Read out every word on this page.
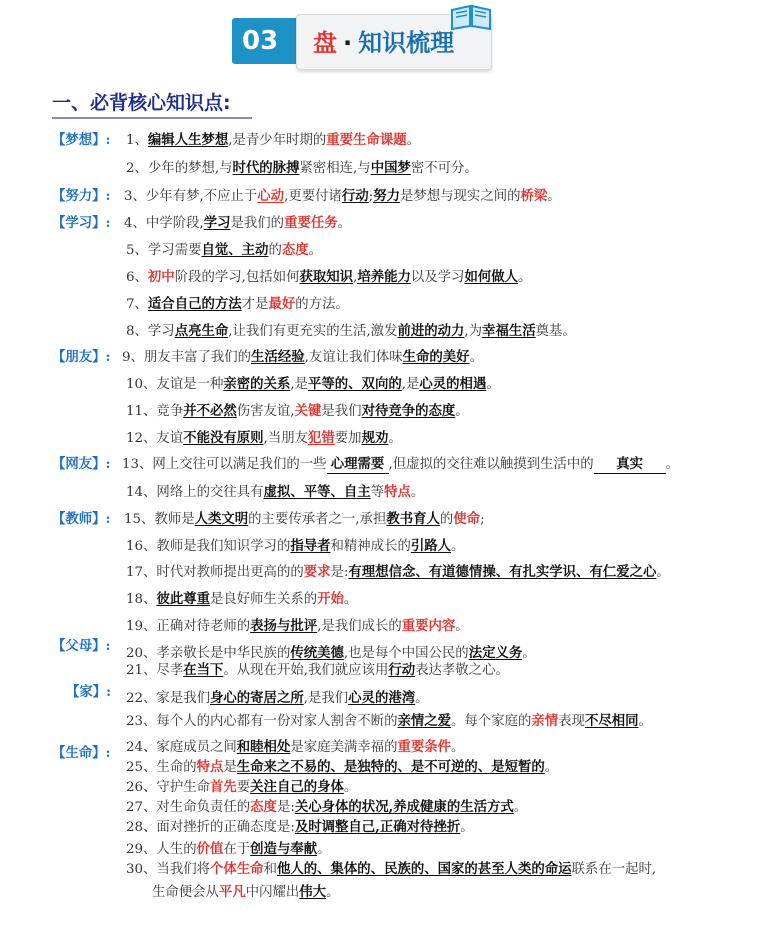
03	盘 · 知识梳理
一、必背核心知识点:
1、编辑人生梦想,是青少年时期的重要生命课题。
2、少年的梦想,与时代的脉搏紧密相连,与中国梦密不可分。
3、少年有梦,不应止于心动,更要付诸行动;努力是梦想与现实之间的桥梁。
4、中学阶段,学习是我们的重要任务。
5、学习需要自觉、主动的态度。
6、初中阶段的学习,包括如何获取知识,培养能力以及学习如何做人。
7、适合自己的方法才是最好的方法。
8、学习点亮生命,让我们有更充实的生活,激发前进的动力,为幸福生活奠基。
9、朋友丰富了我们的生活经验,友谊让我们体味生命的美好。
10、友谊是一种亲密的关系,是平等的、双向的,是心灵的相遇。
11、竞争并不必然伤害友谊,关键是我们对待竞争的态度。
12、友谊不能没有原则,当朋友犯错要加规劝。
13、网上交往可以满足我们的一些 心理需要 ,但虚拟的交往难以触摸到生活中的 真实 。
14、网络上的交往具有虚拟、平等、自主等特点。
15、教师是人类文明的主要传承者之一,承担教书育人的使命;
16、教师是我们知识学习的指导者和精神成长的引路人。
17、时代对教师提出更高的的要求是:有理想信念、有道德情操、有扎实学识、有仁爱之心。
18、彼此尊重是良好师生关系的开始。
19、正确对待老师的表扬与批评,是我们成长的重要内容。
20、孝亲敬长是中华民族的传统美德,也是每个中国公民的法定义务。
21、尽孝在当下。从现在开始,我们就应该用行动表达孝敬之心。
22、家是我们身心的寄居之所,是我们心灵的港湾。
23、每个人的内心都有一份对家人割舍不断的亲情之爱。每个家庭的亲情表现不尽相同。
24、家庭成员之间和睦相处是家庭美满幸福的重要条件。
25、生命的特点是生命来之不易的、是独特的、是不可逆的、是短暂的。
26、守护生命首先要关注自己的身体。
27、对生命负责任的态度是:关心身体的状况,养成健康的生活方式。
28、面对挫折的正确态度是:及时调整自己,正确对待挫折。
29、人生的价值在于创造与奉献。
30、当我们将个体生命和他人的、集体的、民族的、国家的甚至人类的命运联系在一起时,
生命便会从平凡中闪耀出伟大。
【梦想】:
【努力】:
【学习】:
【朋友】:
【网友】:
【教师】:
【父母】:
【家】:
【生命】:
